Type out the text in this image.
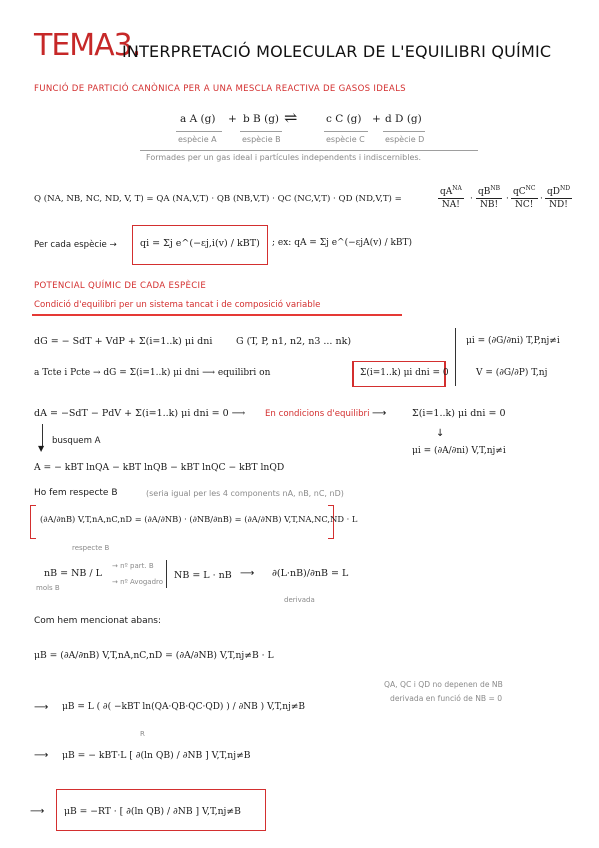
TEMA3.
INTERPRETACIÓ MOLECULAR DE L'EQUILIBRI QUÍMIC
FUNCIÓ DE PARTICIÓ CANÒNICA PER A UNA MESCLA REACTIVA DE GASOS IDEALS
a A (g) + b B (g) ⇌	c C (g) + d D (g)
espècie A	espècie B	espècie C	espècie D
Formades per un gas ideal i partícules independents i indiscernibles.
Q (NA, NB, NC, ND, V, T) = QA (NA,V,T) · QB (NB,V,T) · QC (NC,V,T) · QD (ND,V,T) =	$\frac{qA^{NA}}{NA!} \cdot \frac{qB^{NB}}{NB!} \cdot \frac{qC^{NC}}{NC!} \cdot \frac{qD^{ND}}{ND!}$
Per cada espècie → qi = Σj e^(−εj,i(v) / kBT) ; ex: qA = Σj e^(−εjA(v) / kBT)
POTENCIAL QUÍMIC DE CADA ESPÈCIE
Condició d'equilibri per un sistema tancat i de composició variable
dG = − SdT + VdP + Σ(i=1..k) μi dni G (T, P, n1, n2, n3 ... nk)
a Tcte i Pcte → dG = Σ(i=1..k) μi dni ⟶ equilibri on	Σ(i=1..k) μi dni = 0
μi = (∂G/∂ni) T,P,nj≠i
V = (∂G/∂P) T,nj
dA = −SdT − PdV + Σ(i=1..k) μi dni = 0 ⟶ En condicions d'equilibri ⟶	Σ(i=1..k) μi dni = 0
▼
busquem A
↓
μi = (∂A/∂ni) V,T,nj≠i
A = − kBT lnQA − kBT lnQB − kBT lnQC − kBT lnQD
Ho fem respecte B	(seria igual per les 4 components nA, nB, nC, nD)
(∂A/∂nB) V,T,nA,nC,nD = (∂A/∂NB) · (∂NB/∂nB) = (∂A/∂NB) V,T,NA,NC,ND · L
respecte B
nB = NB / L
→ nº part. B
→ nº Avogadro
mols B
NB = L · nB ⟶ ∂(L·nB)/∂nB = L
derivada
Com hem mencionat abans:
μB = (∂A/∂nB) V,T,nA,nC,nD = (∂A/∂NB) V,T,nj≠B · L
⟶ μB = L ( ∂( −kBT ln(QA·QB·QC·QD) ) / ∂NB ) V,T,nj≠B
QA, QC i QD no depenen de NB
derivada en funció de NB = 0
R
⟶ μB = − kBT·L [ ∂(ln QB) / ∂NB ] V,T,nj≠B
⟶ μB = −RT · [ ∂(ln QB) / ∂NB ] V,T,nj≠B
